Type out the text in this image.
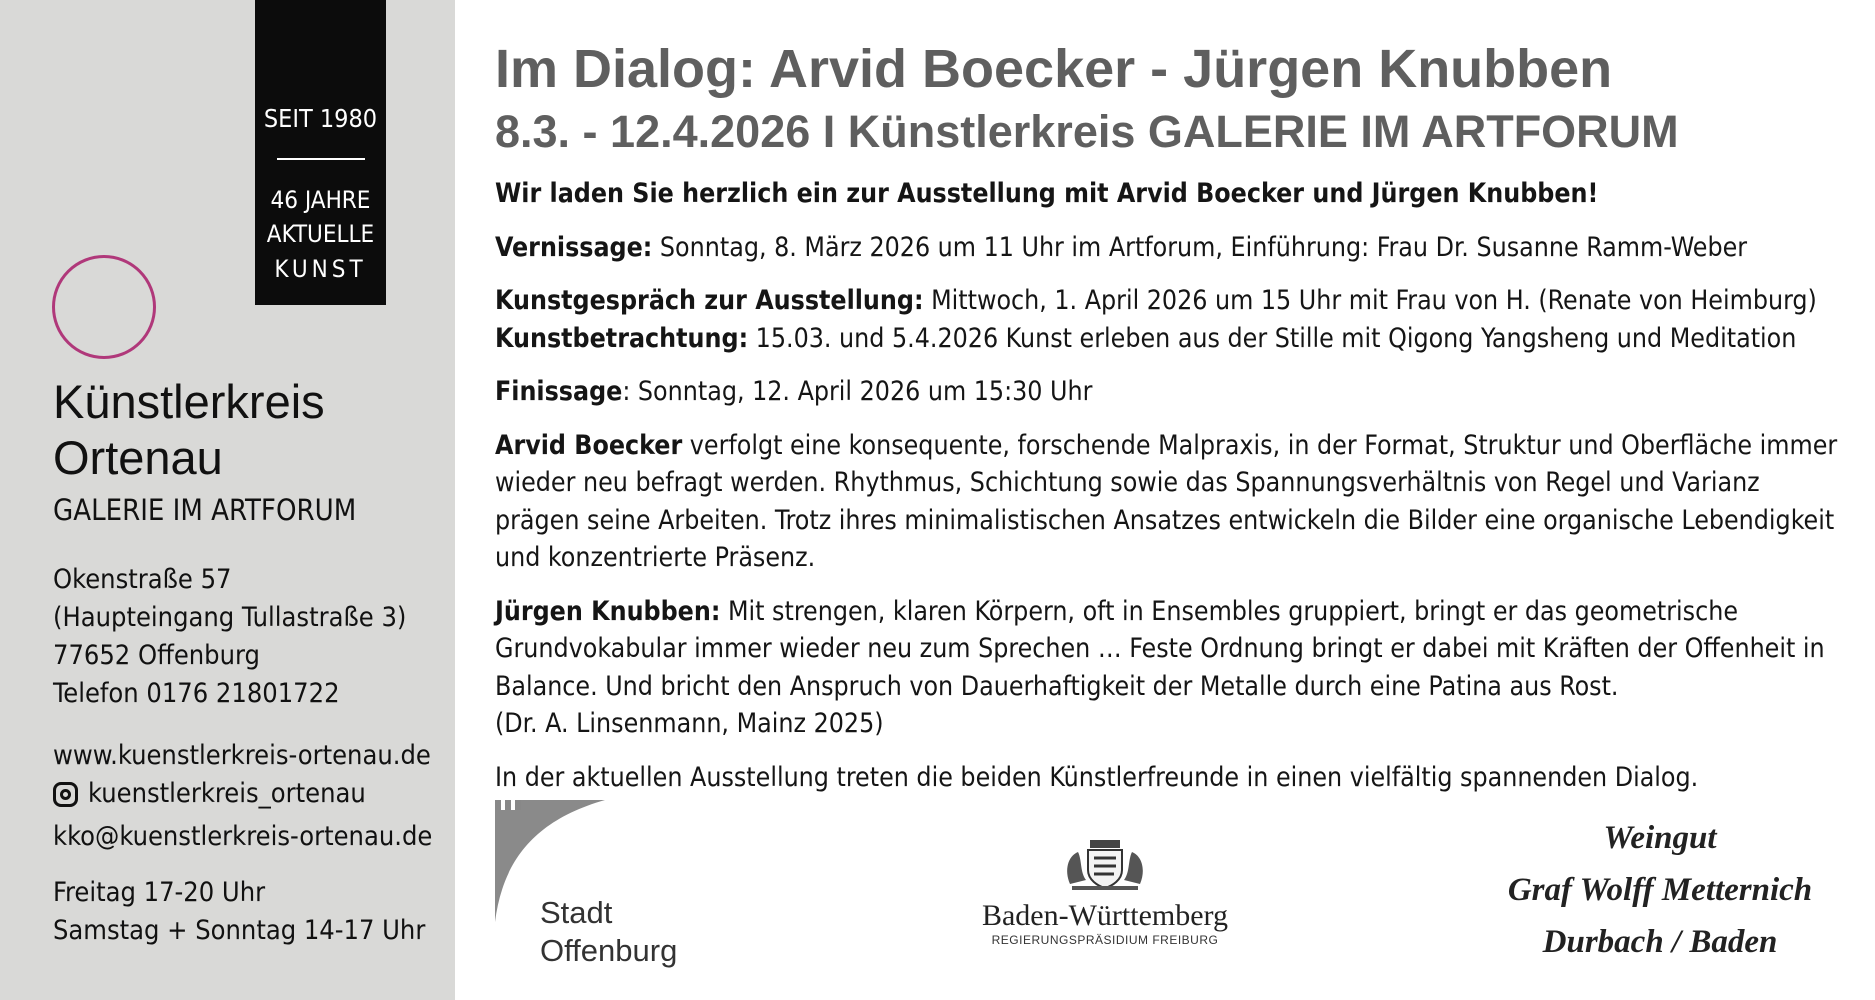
SEIT 1980
46 JAHRE
AKTUELLE
KUNST
Künstlerkreis
Ortenau
GALERIE IM ARTFORUM
Okenstraße 57
(Haupteingang Tullastraße 3)
77652 Offenburg
Telefon 0176 21801722
www.kuenstlerkreis-ortenau.de
kuenstlerkreis_ortenau
kko@kuenstlerkreis-ortenau.de
Freitag 17-20 Uhr
Samstag + Sonntag 14-17 Uhr
Im Dialog: Arvid Boecker - Jürgen Knubben
8.3. - 12.4.2026 I Künstlerkreis GALERIE IM ARTFORUM

Wir laden Sie herzlich ein zur Ausstellung mit Arvid Boecker und Jürgen Knubben!

Vernissage: Sonntag, 8. März 2026 um 11 Uhr im Artforum, Einführung: Frau Dr. Susanne Ramm-Weber

Kunstgespräch zur Ausstellung: Mittwoch, 1. April 2026 um 15 Uhr mit Frau von H. (Renate von Heimburg)

Kunstbetrachtung: 15.03. und 5.4.2026 Kunst erleben aus der Stille mit Qigong Yangsheng und Meditation

Finissage: Sonntag, 12. April 2026 um 15:30 Uhr

Arvid Boecker verfolgt eine konsequente, forschende Malpraxis, in der Format, Struktur und Oberfläche immer wieder neu befragt werden. Rhythmus, Schichtung sowie das Spannungsverhältnis von Regel und Varianz prägen seine Arbeiten. Trotz ihres minimalistischen Ansatzes entwickeln die Bilder eine organische Lebendigkeit und konzentrierte Präsenz.

Jürgen Knubben: Mit strengen, klaren Körpern, oft in Ensembles gruppiert, bringt er das geometrische Grundvokabular immer wieder neu zum Sprechen … Feste Ordnung bringt er dabei mit Kräften der Offenheit in Balance. Und bricht den Anspruch von Dauerhaftigkeit der Metalle durch eine Patina aus Rost.

(Dr. A. Linsenmann, Mainz 2025)

In der aktuellen Ausstellung treten die beiden Künstlerfreunde in einen vielfältig spannenden Dialog.

Stadt
Offenburg
Baden-Württemberg
REGIERUNGSPRÄSIDIUM FREIBURG
Weingut
Graf Wolff Metternich
Durbach / Baden
